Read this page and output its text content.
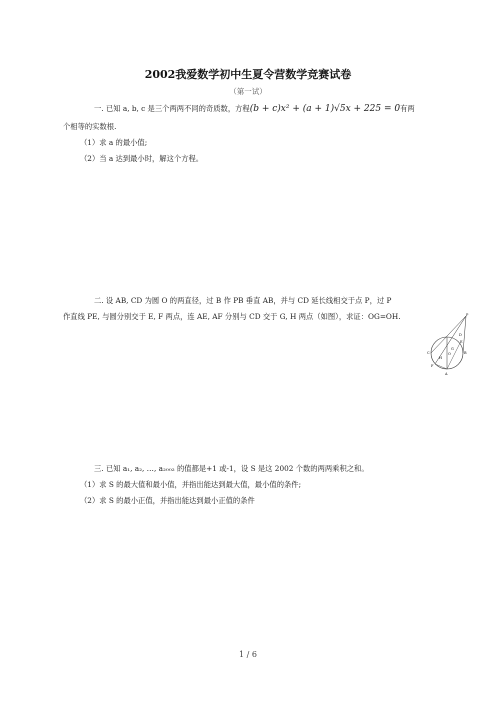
2002我爱数学初中生夏令营数学竞赛试卷
（第一试）
一. 已知 a, b, c 是三个两两不同的奇质数，方程(b + c)x² + (a + 1)√5x + 225 = 0有两
个相等的实数根.
（1）求 a 的最小值;
（2）当 a 达到最小时，解这个方程。
二. 设 AB, CD 为圆 O 的两直径，过 B 作 PB 垂直 AB，并与 CD 延长线相交于点 P，过 P
作直线 PE, 与圆分别交于 E, F 两点，连 AE, AF 分别与 CD 交于 G, H 两点（如图），求证：OG=OH.	P
A
B
C
D
E
F
G
H
O
三. 已知 a₁, a₂, …, a₂₀₀₂ 的值都是+1 或-1，设 S 是这 2002 个数的两两乘积之和。
（1）求 S 的最大值和最小值，并指出能达到最大值，最小值的条件;
（2）求 S 的最小正值，并指出能达到最小正值的条件
1 / 6
